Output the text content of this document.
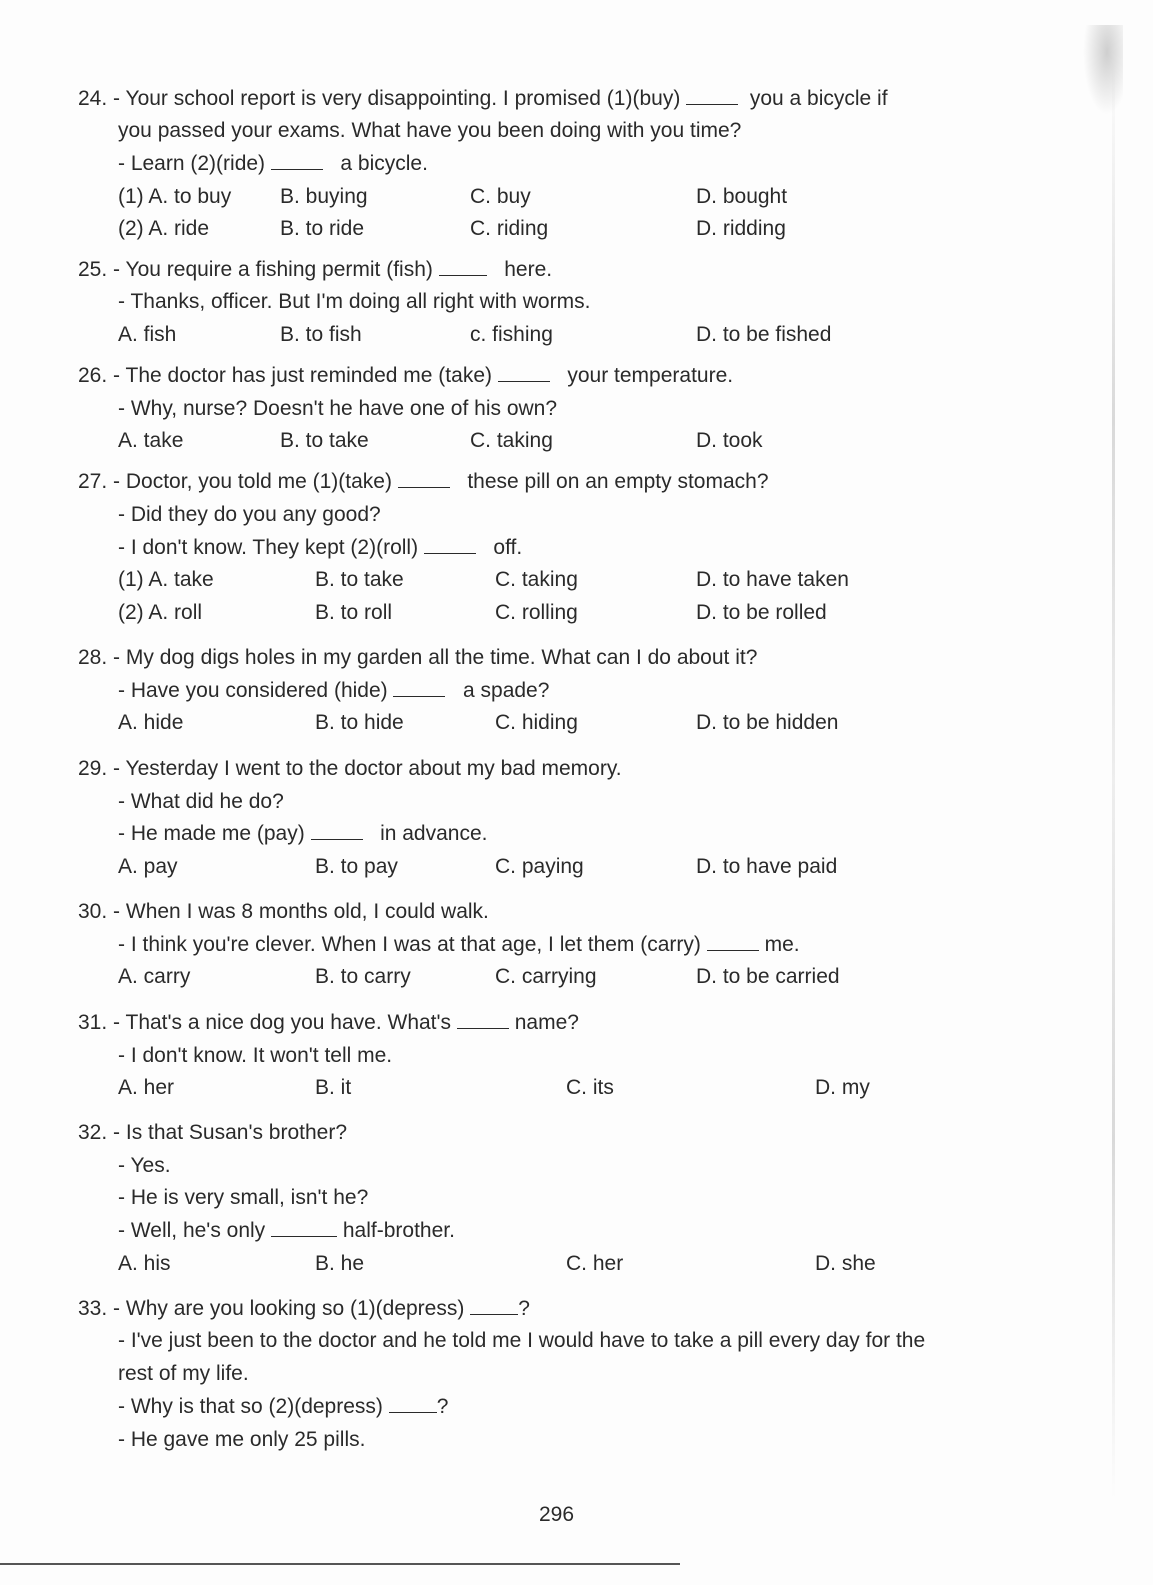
24. - Your school report is very disappointing. I promised (1)(buy)	you a bicycle if
you passed your exams. What have you been doing with you time?
- Learn (2)(ride)	a bicycle.
(1) A. to buy B. buying	C. buy	D. bought
(2) A. ride	B. to ride	C. riding	D. ridding
25. - You require a fishing permit (fish)	here.
- Thanks, officer. But I'm doing all right with worms.
A. fish	B. to fish	c. fishing	D. to be fished
26. - The doctor has just reminded me (take)	your temperature.
- Why, nurse? Doesn't he have one of his own?
A. take	B. to take	C. taking	D. took
27. - Doctor, you told me (1)(take)	these pill on an empty stomach?
- Did they do you any good?
- I don't know. They kept (2)(roll)	off.
(1) A. take	B. to take	C. taking	D. to have taken
(2) A. roll	B. to roll	C. rolling	D. to be rolled
28. - My dog digs holes in my garden all the time. What can I do about it?
- Have you considered (hide)	a spade?
A. hide	B. to hide	C. hiding	D. to be hidden
29. - Yesterday I went to the doctor about my bad memory.
- What did he do?
- He made me (pay)	in advance.
A. pay	B. to pay	C. paying	D. to have paid
30. - When I was 8 months old, I could walk.
- I think you're clever. When I was at that age, I let them (carry)	me.
A. carry	B. to carry	C. carrying	D. to be carried
31. - That's a nice dog you have. What's	name?
- I don't know. It won't tell me.
A. her	B. it	C. its	D. my
32. - Is that Susan's brother?
- Yes.
- He is very small, isn't he?
- Well, he's only	half-brother.
A. his	B. he	C. her	D. she
33. - Why are you looking so (1)(depress) ?
- I've just been to the doctor and he told me I would have to take a pill every day for the
rest of my life.
- Why is that so (2)(depress) ?
- He gave me only 25 pills.
296
